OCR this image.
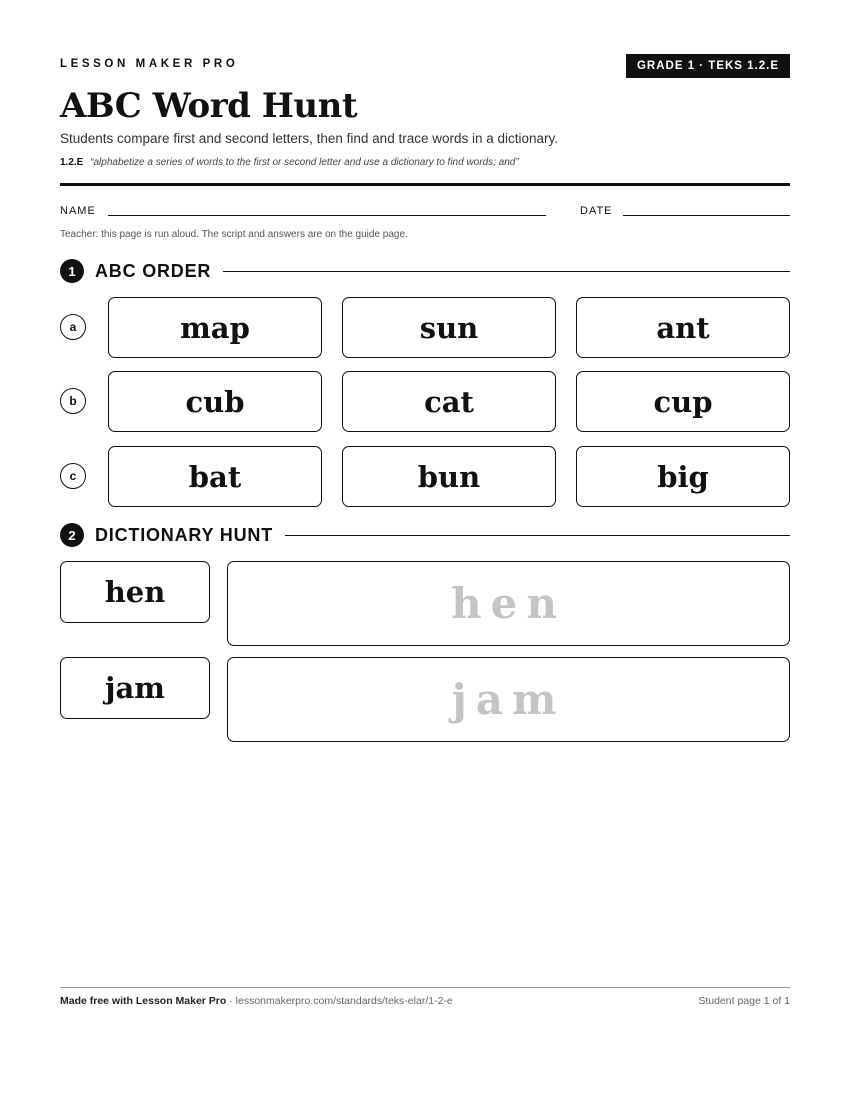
LESSON MAKER PRO	GRADE 1 · TEKS 1.2.E
ABC Word Hunt
Students compare first and second letters, then find and trace words in a dictionary.
1.2.E “alphabetize a series of words to the first or second letter and use a dictionary to find words; and”
NAME	DATE
Teacher: this page is run aloud. The script and answers are on the guide page.
1	ABC ORDER
a	map	sun	ant
b	cub	cat	cup
c	bat	bun	big
2	DICTIONARY HUNT
hen	hen
jam	jam
Made free with Lesson Maker Pro · lessonmakerpro.com/standards/teks-elar/1-2-e	Student page 1 of 1
